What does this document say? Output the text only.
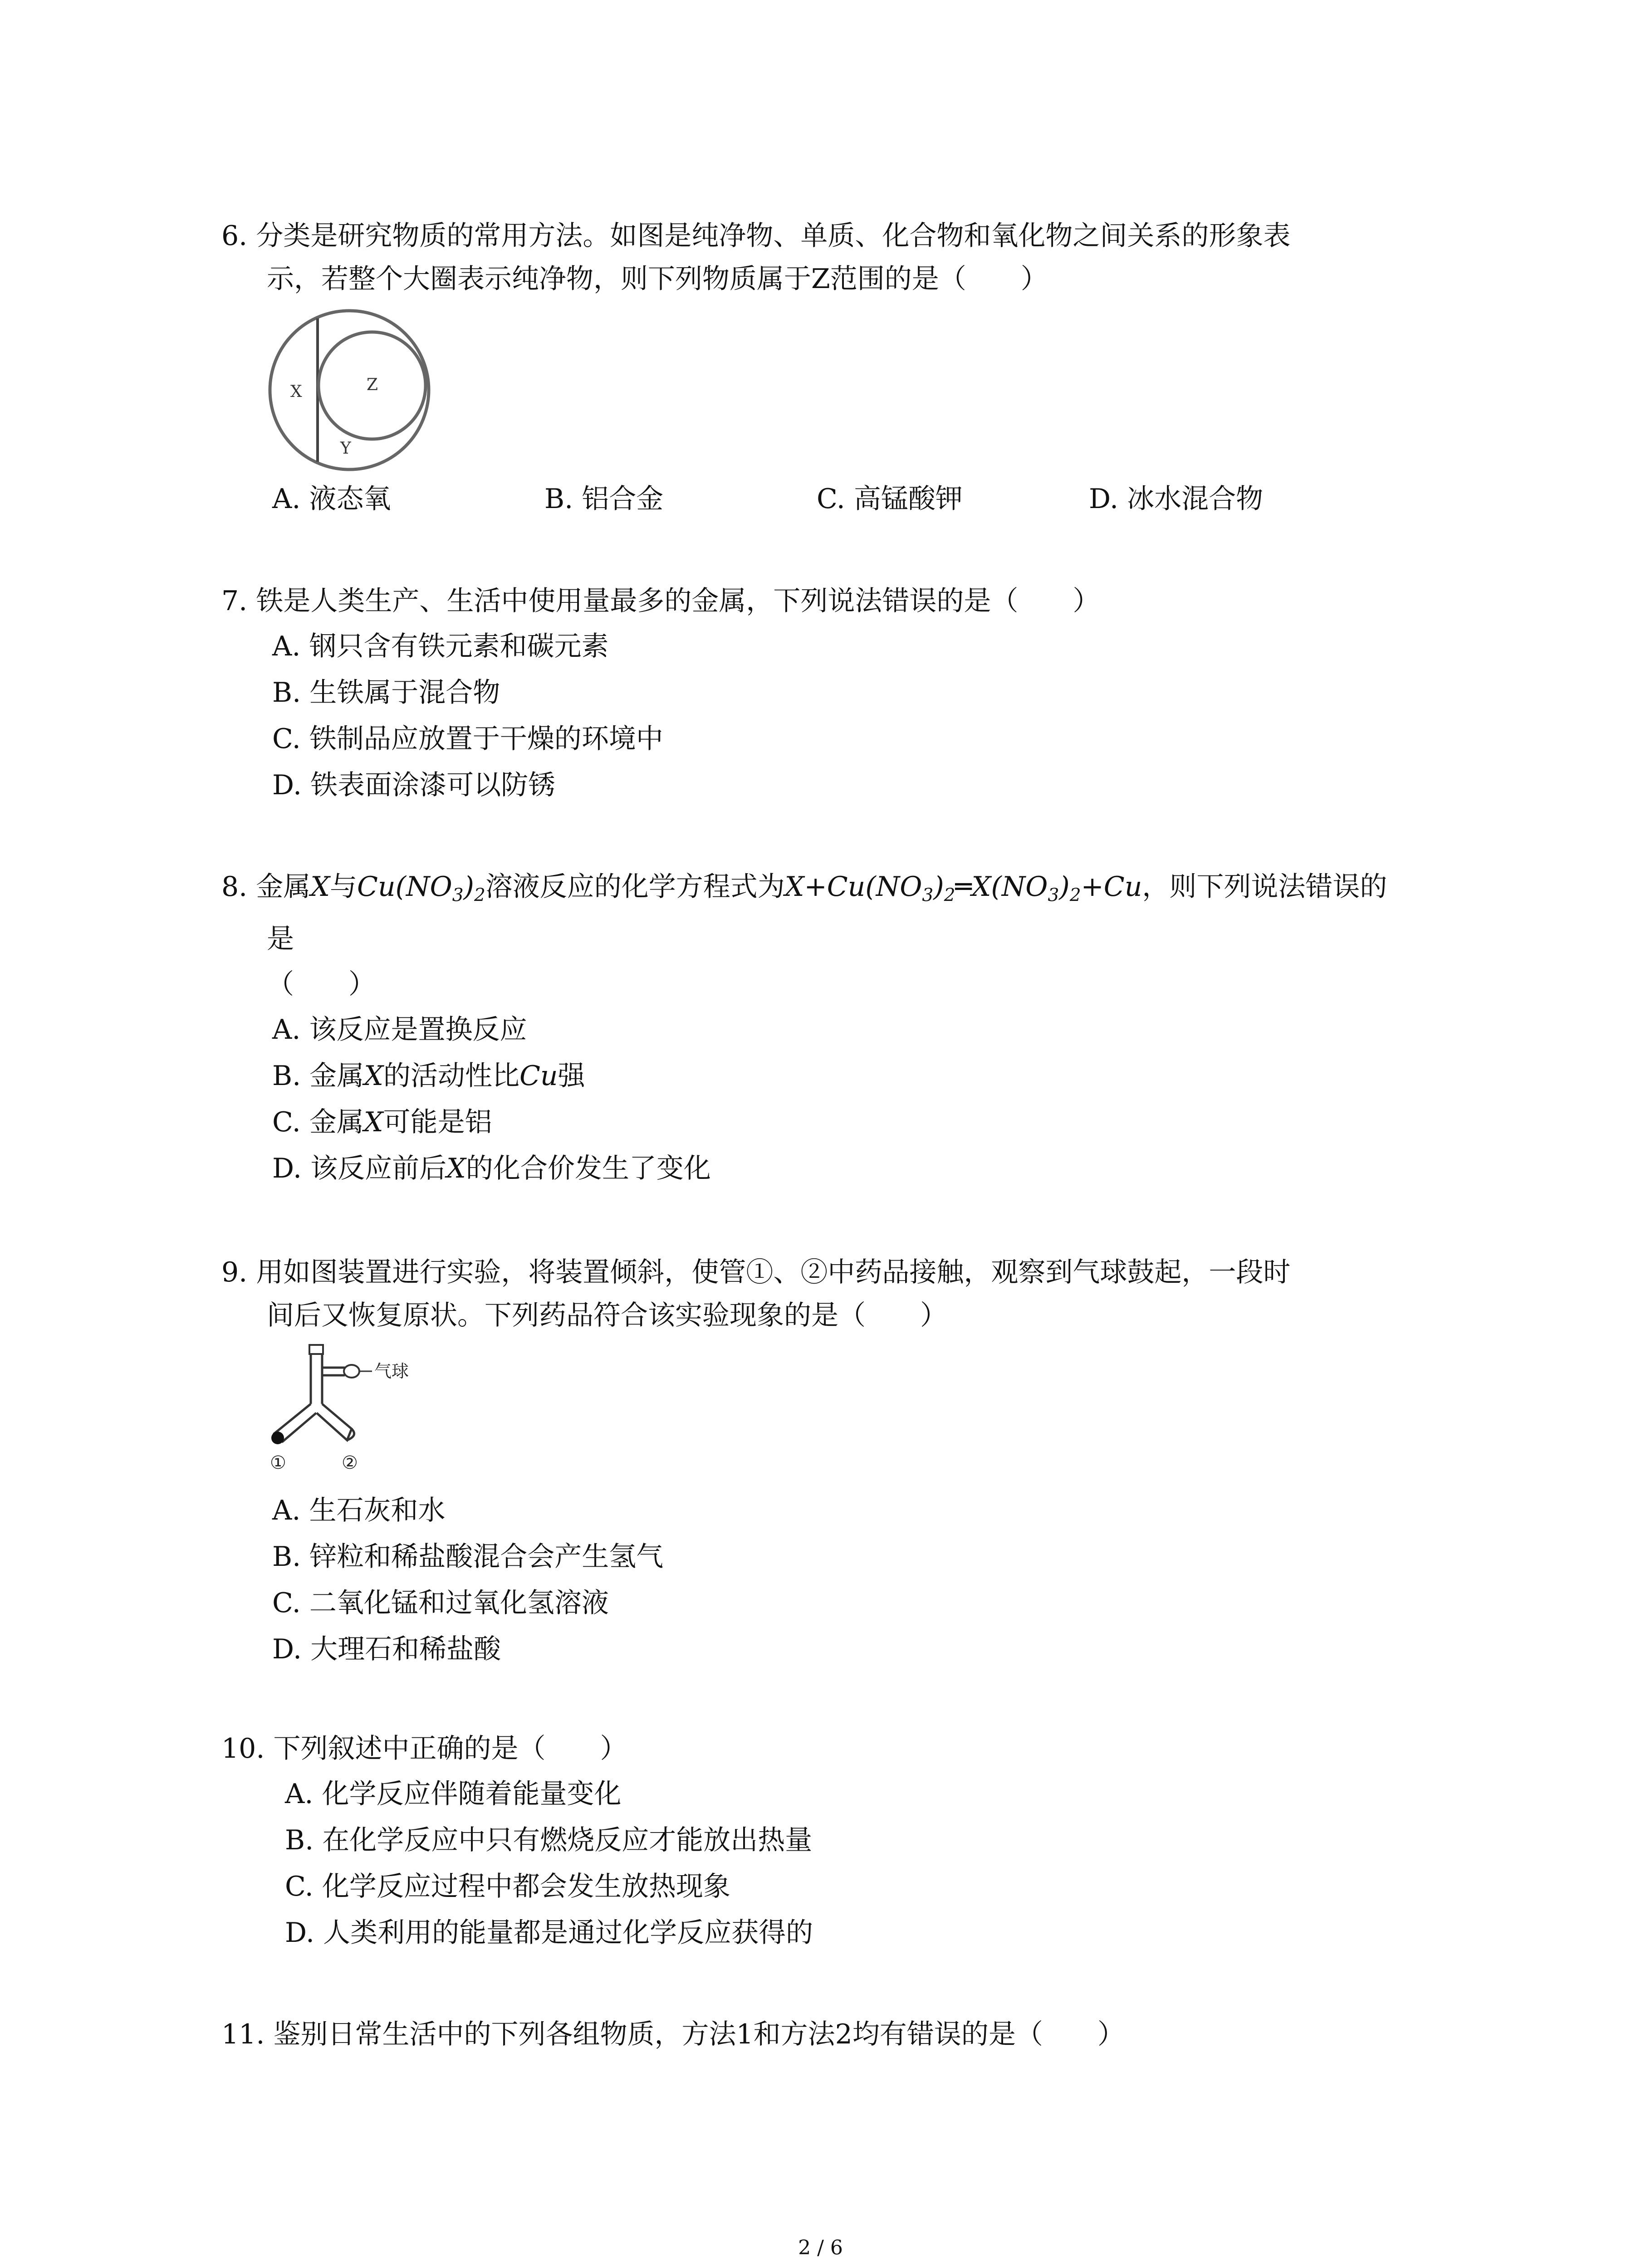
6. 分类是研究物质的常用方法。如图是纯净物、单质、化合物和氧化物之间关系的形象表
示，若整个大圈表示纯净物，则下列物质属于Z范围的是（　　）
X	Z
Y
A. 液态氧	B. 铝合金	C. 高锰酸钾	D. 冰水混合物
7. 铁是人类生产、生活中使用量最多的金属，下列说法错误的是（　　）
A. 钢只含有铁元素和碳元素
B. 生铁属于混合物
C. 铁制品应放置于干燥的环境中
D. 铁表面涂漆可以防锈
8. 金属X与$Cu(NO_3)_2$溶液反应的化学方程式为$X+Cu(NO_3)_2═X(NO_3)_2+Cu$，则下列说法错误的
是
（　　）
A. 该反应是置换反应
B. 金属X的活动性比Cu强
C. 金属X可能是铝
D. 该反应前后X的化合价发生了变化
9. 用如图装置进行实验，将装置倾斜，使管①、②中药品接触，观察到气球鼓起，一段时
间后又恢复原状。下列药品符合该实验现象的是（　　）
气球
①	②
A. 生石灰和水
B. 锌粒和稀盐酸混合会产生氢气
C. 二氧化锰和过氧化氢溶液
D. 大理石和稀盐酸
10. 下列叙述中正确的是（　　）
A. 化学反应伴随着能量变化
B. 在化学反应中只有燃烧反应才能放出热量
C. 化学反应过程中都会发生放热现象
D. 人类利用的能量都是通过化学反应获得的
11. 鉴别日常生活中的下列各组物质，方法1和方法2均有错误的是（　　）
2 / 6
